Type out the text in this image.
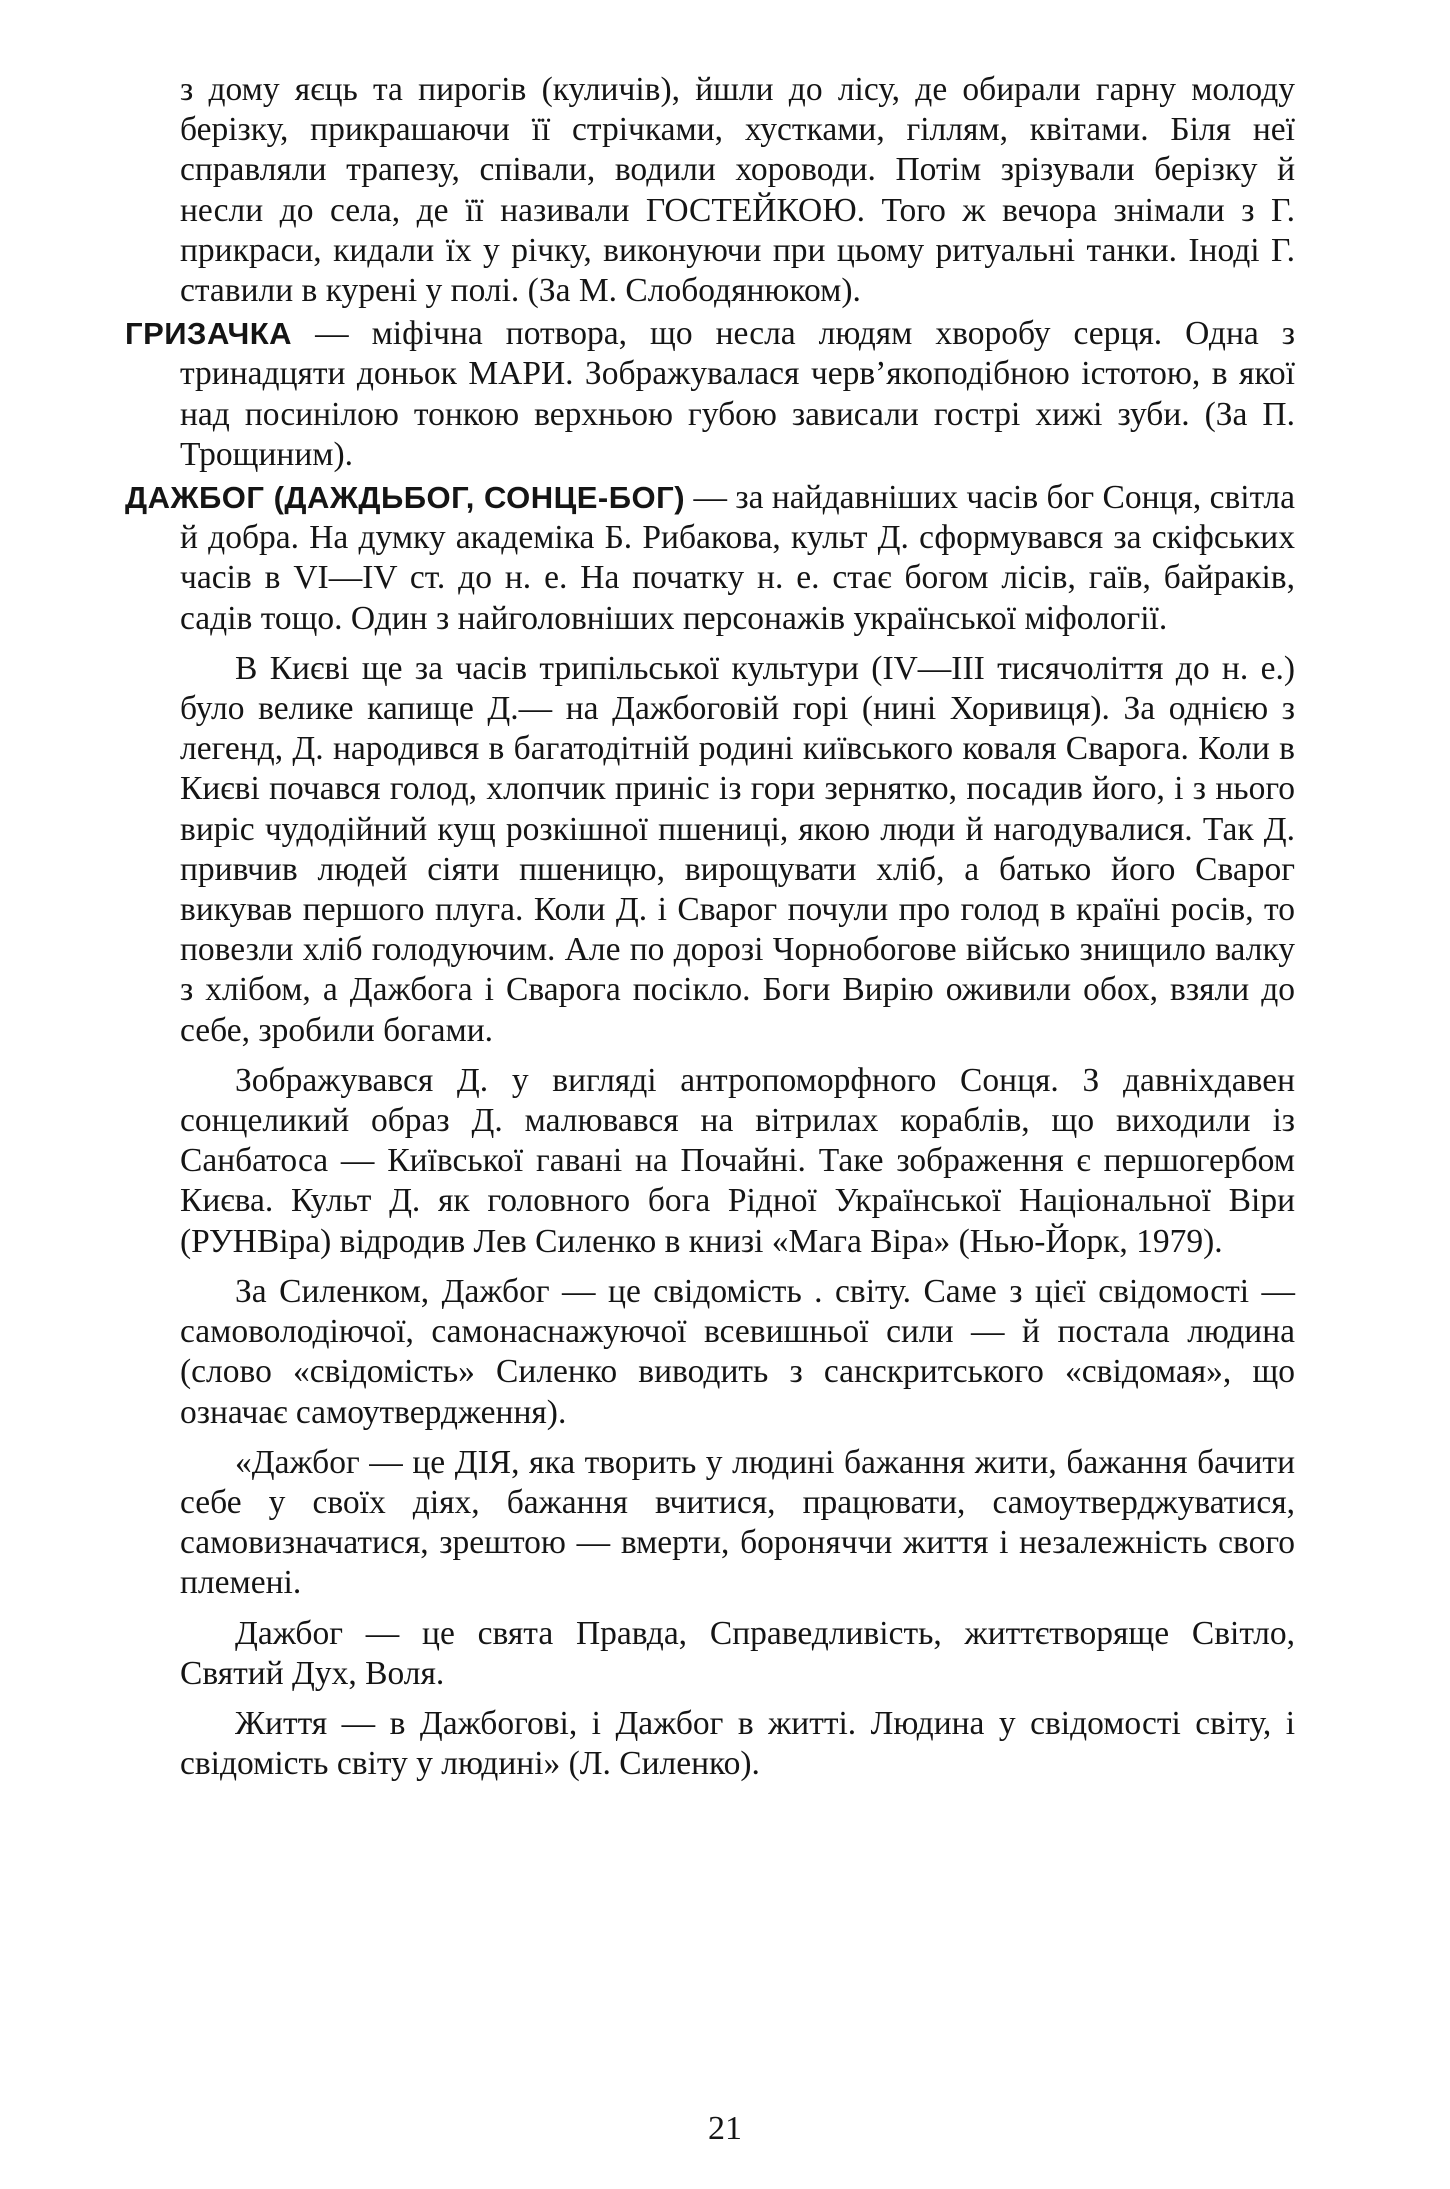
з дому яєць та пирогів (куличів), йшли до лісу, де обирали гарну молоду берізку, прикрашаючи її стрічками, хустками, гіллям, квітами. Біля неї справляли трапезу, співали, водили хороводи. Потім зрізували берізку й несли до села, де її називали ГОСТЕЙКОЮ. Того ж вечора знімали з Г. прикраси, кидали їх у річку, виконуючи при цьому ритуальні танки. Іноді Г. ставили в курені у полі. (За М. Слободянюком).

ГРИЗАЧКА — міфічна потвора, що несла людям хворобу серця. Одна з тринадцяти доньок МАРИ. Зображувалася черв’якоподібною істотою, в якої над посинілою тонкою верхньою губою зависали гострі хижі зуби. (За П. Трощиним).

ДАЖБОГ (ДАЖДЬБОГ, СОНЦЕ-БОГ) — за найдавніших часів бог Сонця, світла й добра. На думку академіка Б. Рибакова, культ Д. сформувався за скіфських часів в VI—IV ст. до н. е. На початку н. е. стає богом лісів, гаїв, байраків, садів тощо. Один з найголовніших персонажів української міфології.

В Києві ще за часів трипільської культури (IV—III тисячоліття до н. е.) було велике капище Д.— на Дажбоговій горі (нині Хоривиця). За однією з легенд, Д. народився в багатодітній родині київського коваля Сварога. Коли в Києві почався голод, хлопчик приніс із гори зернятко, посадив його, і з нього виріс чудодійний кущ розкішної пшениці, якою люди й нагодувалися. Так Д. привчив людей сіяти пшеницю, вирощувати хліб, а батько його Сварог викував першого плуга. Коли Д. і Сварог почули про голод в країні росів, то повезли хліб голодуючим. Але по дорозі Чорнобогове військо знищило валку з хлібом, а Дажбога і Сварога посікло. Боги Вирію оживили обох, взяли до себе, зробили богами.

Зображувався Д. у вигляді антропоморфного Сонця. З давніхдавен сонцеликий образ Д. малювався на вітрилах кораблів, що виходили із Санбатоса — Київської гавані на Почайні. Таке зображення є першогербом Києва. Культ Д. як головного бога Рідної Української Національної Віри (РУНВіра) відродив Лев Силенко в книзі «Мага Віра» (Нью-Йорк, 1979).

За Силенком, Дажбог — це свідомість . світу. Саме з цієї свідомості — самоволодіючої, самонаснажуючої всевишньої сили — й постала людина (слово «свідомість» Силенко виводить з санскритського «свідомая», що означає самоутвердження).

«Дажбог — це ДІЯ, яка творить у людині бажання жити, бажання бачити себе у своїх діях, бажання вчитися, працювати, самоутверджуватися, самовизначатися, зрештою — вмерти, бороняччи життя і незалежність свого племені.

Дажбог — це свята Правда, Справедливість, життєтворяще Світло, Святий Дух, Воля.

Життя — в Дажбогові, і Дажбог в житті. Людина у свідомості світу, і свідомість світу у людині» (Л. Силенко).

21
